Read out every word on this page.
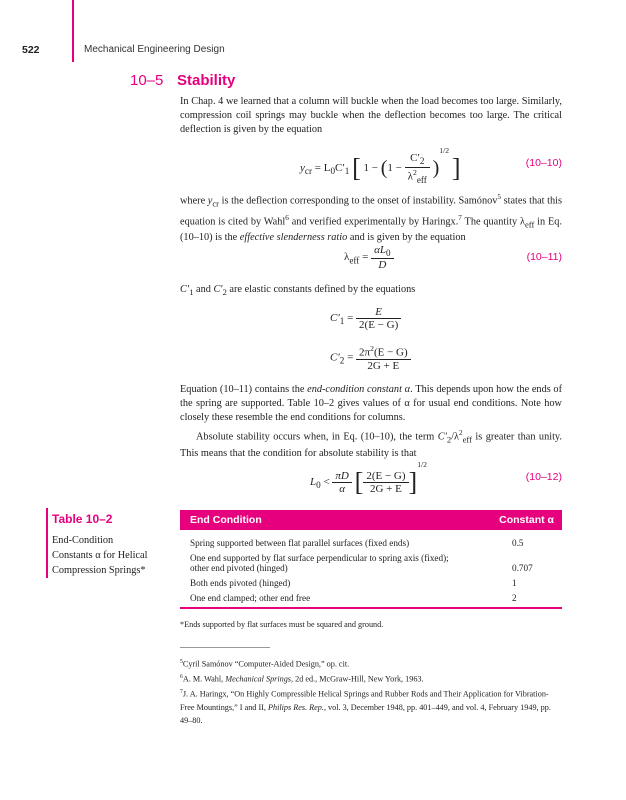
522	Mechanical Engineering Design
10–5 Stability
In Chap. 4 we learned that a column will buckle when the load becomes too large. Similarly, compression coil springs may buckle when the deflection becomes too large. The critical deflection is given by the equation
$y_{cr} = L_0C'_1$ [ $1 - (1 - \frac{C'_2}{\lambda^2_{eff}} )^{1/2}$ ]	(10–10)
where $y_{cr}$ is the deflection corresponding to the onset of instability. Samónov$^5$ states that this equation is cited by Wahl$^6$ and verified experimentally by Haringx.$^7$ The quantity $\lambda_{eff}$ in Eq. (10–10) is the effective slenderness ratio and is given by the equation
$\lambda_{eff} = \frac{\alpha L_0}{D}$	(10–11)
$C'_1$ and $C'_2$ are elastic constants defined by the equations
$C'_1 = \frac{E}{2(E - G)}$
$C'_2 = \frac{2\pi^2(E - G)}{2G + E}$
Equation (10–11) contains the end-condition constant α. This depends upon how the ends of the spring are supported. Table 10–2 gives values of α for usual end conditions. Note how closely these resemble the end conditions for columns.
Absolute stability occurs when, in Eq. (10–10), the term $C'_2/\lambda^2_{eff}$ is greater than unity. This means that the condition for absolute stability is that
$L_0 < \frac{\pi D}{\alpha}$ [ $\frac{2(E - G)}{2G + E} ]^{1/2}$
(10–12)
Table 10–2
End-Condition
Constants α for Helical
Compression Springs*
End Condition	Constant α
Spring supported between flat parallel surfaces (fixed ends)	0.5
One end supported by flat surface perpendicular to spring axis (fixed);
other end pivoted (hinged)	0.707
Both ends pivoted (hinged)	1
One end clamped; other end free	2
*Ends supported by flat surfaces must be squared and ground.
$^5$Cyril Samónov “Computer-Aided Design,” op. cit.
$^6$A. M. Wahl, Mechanical Springs, 2d ed., McGraw-Hill, New York, 1963.
$^7$J. A. Haringx, “On Highly Compressible Helical Springs and Rubber Rods and Their Application for Vibration-Free Mountings,” I and II, Philips Res. Rep., vol. 3, December 1948, pp. 401–449, and vol. 4, February 1949, pp. 49–80.
